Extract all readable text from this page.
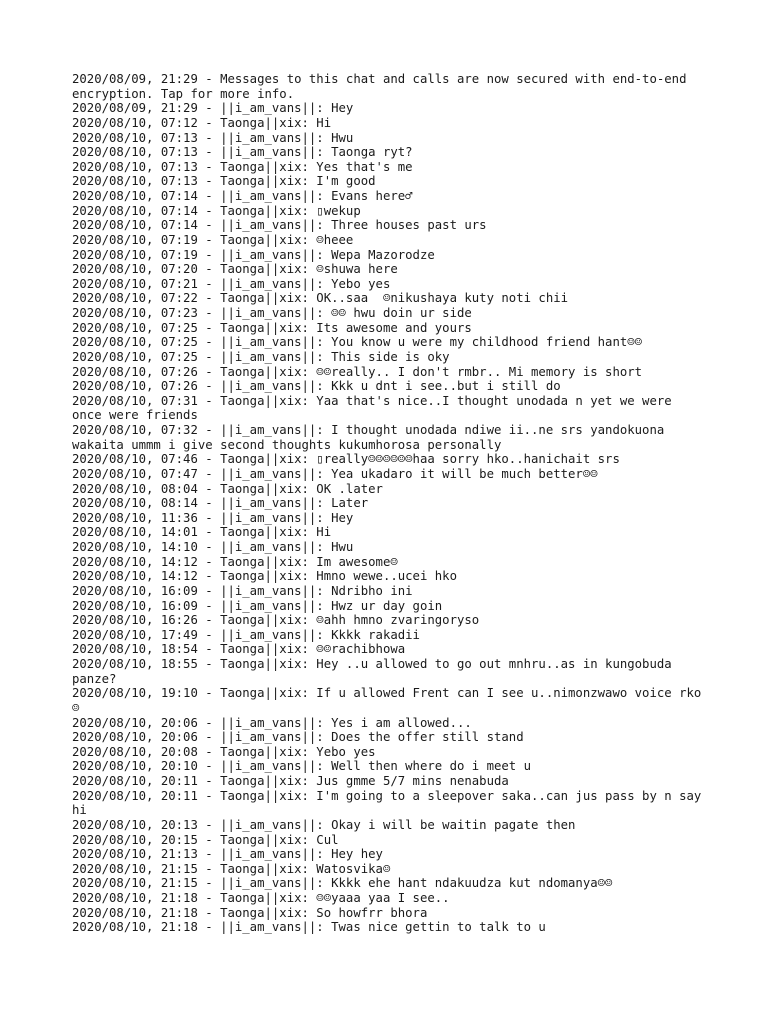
2020/08/09, 21:29 - Messages to this chat and calls are now secured with end-to-end encryption. Tap for more info.
2020/08/09, 21:29 - ||i_am_vans||: Hey
2020/08/10, 07:12 - Taonga||xix: Hi
2020/08/10, 07:13 - ||i_am_vans||: Hwu
2020/08/10, 07:13 - ||i_am_vans||: Taonga ryt?
2020/08/10, 07:13 - Taonga||xix: Yes that's me
2020/08/10, 07:13 - Taonga||xix: I'm good
2020/08/10, 07:14 - ||i_am_vans||: Evans here♂
2020/08/10, 07:14 - Taonga||xix: ▯wekup
2020/08/10, 07:14 - ||i_am_vans||: Three houses past urs
2020/08/10, 07:19 - Taonga||xix: ☺heee
2020/08/10, 07:19 - ||i_am_vans||: Wepa Mazorodze
2020/08/10, 07:20 - Taonga||xix: ☺shuwa here
2020/08/10, 07:21 - ||i_am_vans||: Yebo yes
2020/08/10, 07:22 - Taonga||xix: OK..saa  ☺nikushaya kuty noti chii
2020/08/10, 07:23 - ||i_am_vans||: ☺☺ hwu doin ur side
2020/08/10, 07:25 - Taonga||xix: Its awesome and yours
2020/08/10, 07:25 - ||i_am_vans||: You know u were my childhood friend hant☺☺
2020/08/10, 07:25 - ||i_am_vans||: This side is oky
2020/08/10, 07:26 - Taonga||xix: ☺☺really.. I don't rmbr.. Mi memory is short
2020/08/10, 07:26 - ||i_am_vans||: Kkk u dnt i see..but i still do
2020/08/10, 07:31 - Taonga||xix: Yaa that's nice..I thought unodada n yet we were once were friends
2020/08/10, 07:32 - ||i_am_vans||: I thought unodada ndiwe ii..ne srs yandokuona wakaita ummm i give second thoughts kukumhorosa personally
2020/08/10, 07:46 - Taonga||xix: ▯really☺☺☺☺☺☺haa sorry hko..hanichait srs
2020/08/10, 07:47 - ||i_am_vans||: Yea ukadaro it will be much better☺☺
2020/08/10, 08:04 - Taonga||xix: OK .later
2020/08/10, 08:14 - ||i_am_vans||: Later
2020/08/10, 11:36 - ||i_am_vans||: Hey
2020/08/10, 14:01 - Taonga||xix: Hi
2020/08/10, 14:10 - ||i_am_vans||: Hwu
2020/08/10, 14:12 - Taonga||xix: Im awesome☺
2020/08/10, 14:12 - Taonga||xix: Hmno wewe..ucei hko
2020/08/10, 16:09 - ||i_am_vans||: Ndribho ini
2020/08/10, 16:09 - ||i_am_vans||: Hwz ur day goin
2020/08/10, 16:26 - Taonga||xix: ☺ahh hmno zvaringoryso
2020/08/10, 17:49 - ||i_am_vans||: Kkkk rakadii
2020/08/10, 18:54 - Taonga||xix: ☺☺rachibhowa
2020/08/10, 18:55 - Taonga||xix: Hey ..u allowed to go out mnhru..as in kungobuda panze?
2020/08/10, 19:10 - Taonga||xix: If u allowed Frent can I see u..nimonzwawo voice rko☺
2020/08/10, 20:06 - ||i_am_vans||: Yes i am allowed...
2020/08/10, 20:06 - ||i_am_vans||: Does the offer still stand
2020/08/10, 20:08 - Taonga||xix: Yebo yes
2020/08/10, 20:10 - ||i_am_vans||: Well then where do i meet u
2020/08/10, 20:11 - Taonga||xix: Jus gmme 5/7 mins nenabuda
2020/08/10, 20:11 - Taonga||xix: I'm going to a sleepover saka..can jus pass by n say hi
2020/08/10, 20:13 - ||i_am_vans||: Okay i will be waitin pagate then
2020/08/10, 20:15 - Taonga||xix: Cul
2020/08/10, 21:13 - ||i_am_vans||: Hey hey
2020/08/10, 21:15 - Taonga||xix: Watosvika☺
2020/08/10, 21:15 - ||i_am_vans||: Kkkk ehe hant ndakuudza kut ndomanya☺☺
2020/08/10, 21:18 - Taonga||xix: ☺☺yaaa yaa I see..
2020/08/10, 21:18 - Taonga||xix: So howfrr bhora
2020/08/10, 21:18 - ||i_am_vans||: Twas nice gettin to talk to u
